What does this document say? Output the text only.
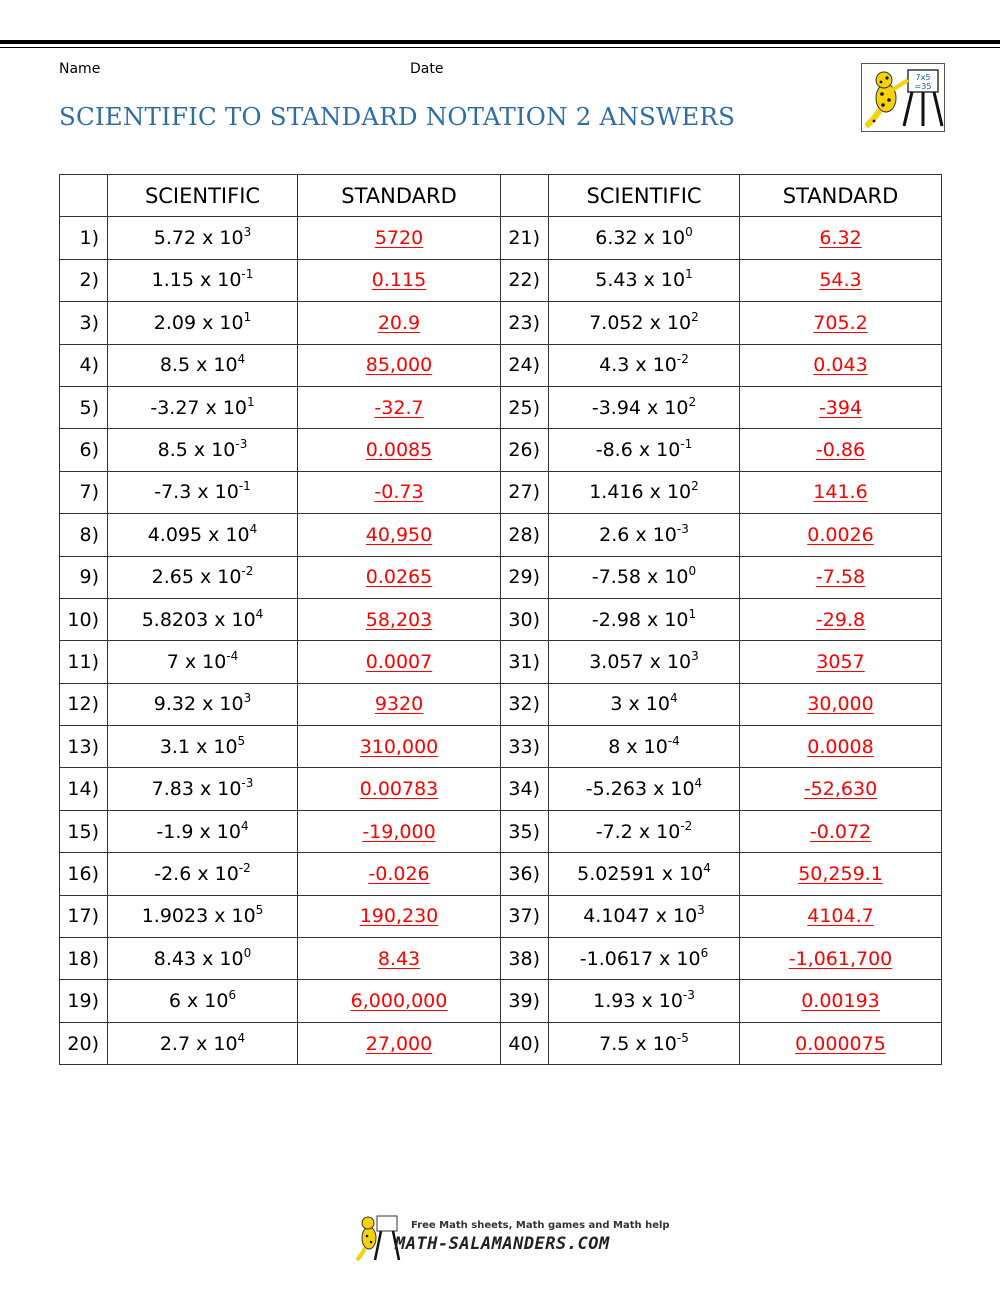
Name	Date
SCIENTIFIC TO STANDARD NOTATION 2 ANSWERS
7x5
=35
	SCIENTIFIC	STANDARD		SCIENTIFIC	STANDARD
1)	5.72 x $10^3$	5720	21)	6.32 x $10^0$	6.32
2)	1.15 x $10^{-1}$	0.115	22)	5.43 x $10^1$	54.3
3)	2.09 x $10^1$	20.9	23)	7.052 x $10^2$	705.2
4)	8.5 x $10^4$	85,000	24)	4.3 x $10^{-2}$	0.043
5)	-3.27 x $10^1$	-32.7	25)	-3.94 x $10^2$	-394
6)	8.5 x $10^{-3}$	0.0085	26)	-8.6 x $10^{-1}$	-0.86
7)	-7.3 x $10^{-1}$	-0.73	27)	1.416 x $10^2$	141.6
8)	4.095 x $10^4$	40,950	28)	2.6 x $10^{-3}$	0.0026
9)	2.65 x $10^{-2}$	0.0265	29)	-7.58 x $10^0$	-7.58
10)	5.8203 x $10^4$	58,203	30)	-2.98 x $10^1$	-29.8
11)	7 x $10^{-4}$	0.0007	31)	3.057 x $10^3$	3057
12)	9.32 x $10^3$	9320	32)	3 x $10^4$	30,000
13)	3.1 x $10^5$	310,000	33)	8 x $10^{-4}$	0.0008
14)	7.83 x $10^{-3}$	0.00783	34)	-5.263 x $10^4$	-52,630
15)	-1.9 x $10^4$	-19,000	35)	-7.2 x $10^{-2}$	-0.072
16)	-2.6 x $10^{-2}$	-0.026	36)	5.02591 x $10^4$	50,259.1
17)	1.9023 x $10^5$	190,230	37)	4.1047 x $10^3$	4104.7
18)	8.43 x $10^0$	8.43	38)	-1.0617 x $10^6$	-1,061,700
19)	6 x $10^6$	6,000,000	39)	1.93 x $10^{-3}$	0.00193
20)	2.7 x $10^4$	27,000	40)	7.5 x $10^{-5}$	0.000075

Free Math sheets, Math games and Math help

MATH-SALAMANDERS.COM
